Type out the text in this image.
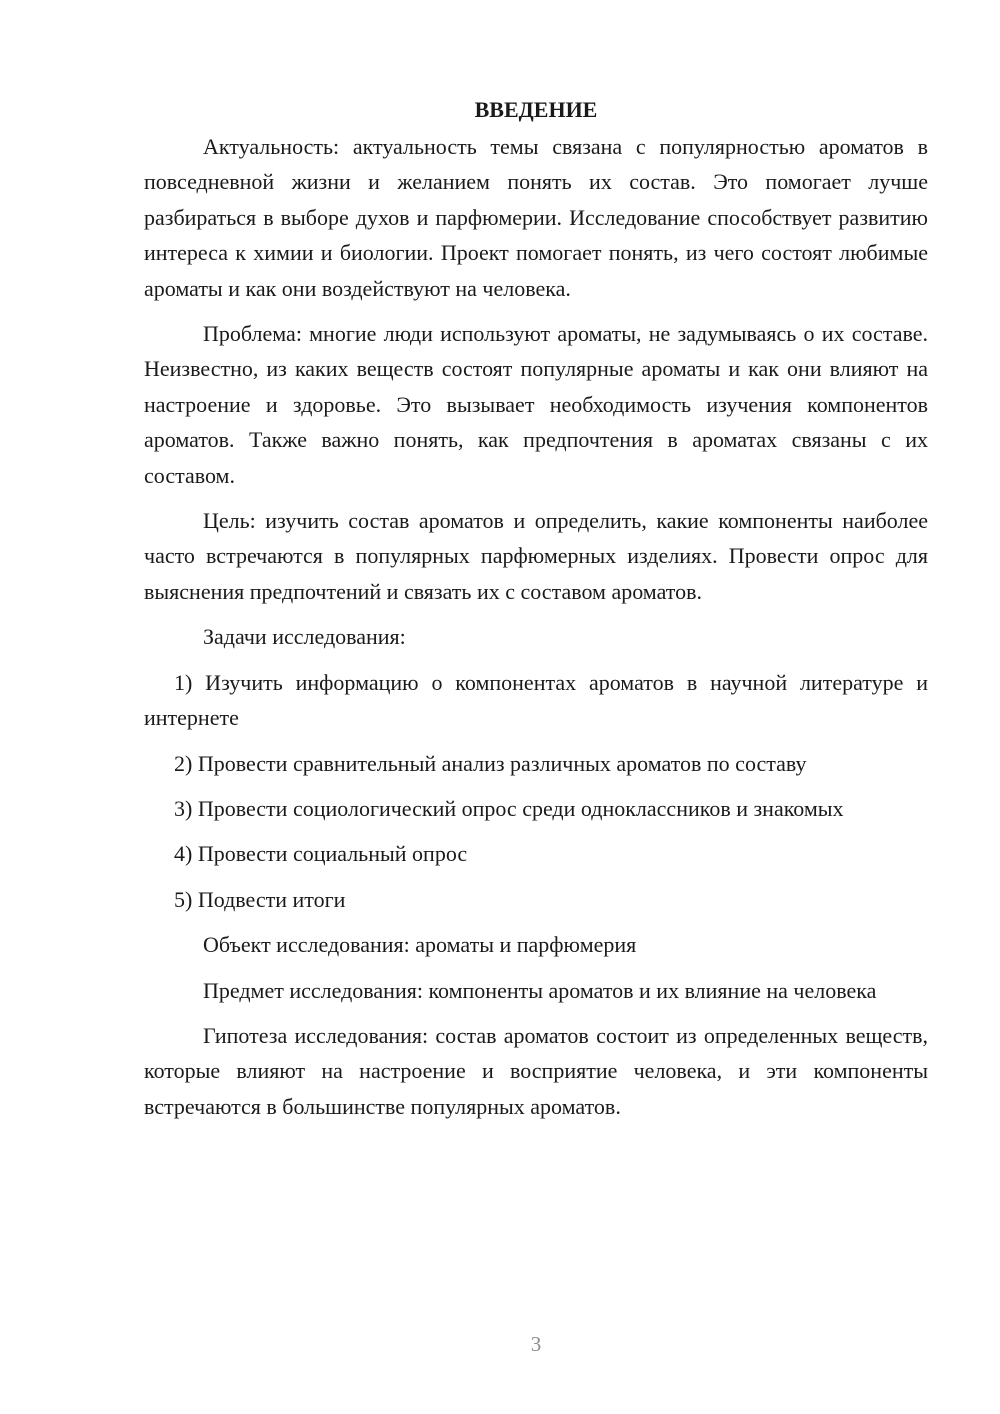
ВВЕДЕНИЕ

Актуальность: актуальность темы связана с популярностью ароматов в повседневной жизни и желанием понять их состав. Это помогает лучше разбираться в выборе духов и парфюмерии. Исследование способствует развитию интереса к химии и биологии. Проект помогает понять, из чего состоят любимые ароматы и как они воздействуют на человека.

Проблема: многие люди используют ароматы, не задумываясь о их составе. Неизвестно, из каких веществ состоят популярные ароматы и как они влияют на настроение и здоровье. Это вызывает необходимость изучения компонентов ароматов. Также важно понять, как предпочтения в ароматах связаны с их составом.

Цель: изучить состав ароматов и определить, какие компоненты наиболее часто встречаются в популярных парфюмерных изделиях. Провести опрос для выяснения предпочтений и связать их с составом ароматов.

Задачи исследования:

1) Изучить информацию о компонентах ароматов в научной литературе и интернете

2) Провести сравнительный анализ различных ароматов по составу

3) Провести социологический опрос среди одноклассников и знакомых

4) Провести социальный опрос

5) Подвести итоги

Объект исследования: ароматы и парфюмерия

Предмет исследования: компоненты ароматов и их влияние на человека

Гипотеза исследования: состав ароматов состоит из определенных веществ, которые влияют на настроение и восприятие человека, и эти компоненты встречаются в большинстве популярных ароматов.

3
